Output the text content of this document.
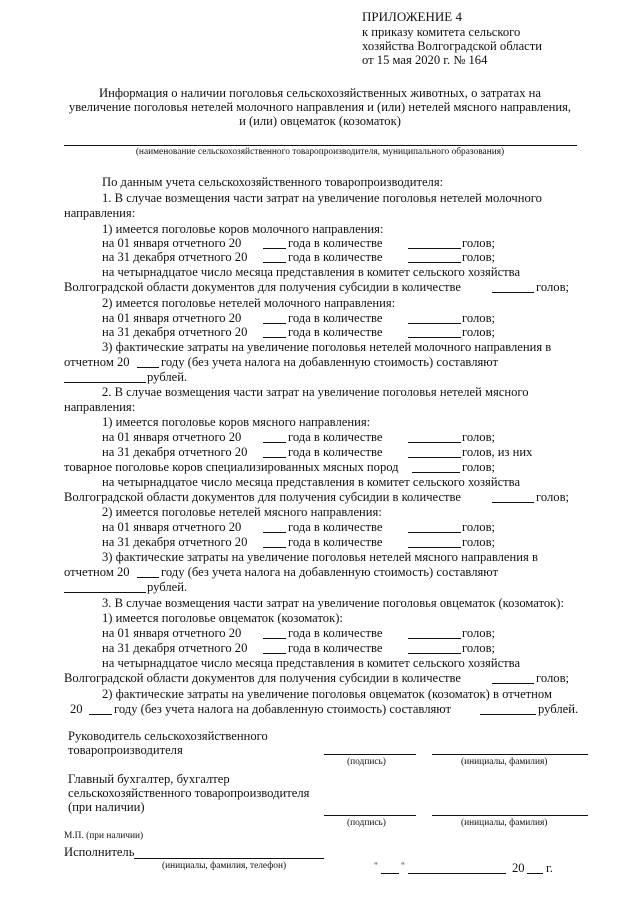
ПРИЛОЖЕНИЕ 4
к приказу комитета сельского
хозяйства Волгоградской области
от 15 мая 2020 г. № 164
Информация о наличии поголовья сельскохозяйственных животных, о затратах на
увеличение поголовья нетелей молочного направления и (или) нетелей мясного направления,
и (или) овцематок (козоматок)
(наименование сельскохозяйственного товаропроизводителя, муниципального образования)
По данным учета сельскохозяйственного товаропроизводителя:
1. В случае возмещения части затрат на увеличение поголовья нетелей молочного
направления:
1) имеется поголовье коров молочного направления:
на 01 января отчетного 20	года в количестве	голов;
на 31 декабря отчетного 20	года в количестве	голов;
на четырнадцатое число месяца представления в комитет сельского хозяйства
Волгоградской области документов для получения субсидии в количестве	голов;
2) имеется поголовье нетелей молочного направления:
на 01 января отчетного 20	года в количестве	голов;
на 31 декабря отчетного 20	года в количестве	голов;
3) фактические затраты на увеличение поголовья нетелей молочного направления в
отчетном 20 году (без учета налога на добавленную стоимость) составляют
рублей.
2. В случае возмещения части затрат на увеличение поголовья нетелей мясного
направления:
1) имеется поголовье коров мясного направления:
на 01 января отчетного 20	года в количестве	голов;
на 31 декабря отчетного 20	года в количестве	голов, из них
товарное поголовье коров специализированных мясных пород	голов;
на четырнадцатое число месяца представления в комитет сельского хозяйства
Волгоградской области документов для получения субсидии в количестве	голов;
2) имеется поголовье нетелей мясного направления:
на 01 января отчетного 20	года в количестве	голов;
на 31 декабря отчетного 20	года в количестве	голов;
3) фактические затраты на увеличение поголовья нетелей мясного направления в
отчетном 20 году (без учета налога на добавленную стоимость) составляют
рублей.
3. В случае возмещения части затрат на увеличение поголовья овцематок (козоматок):
1) имеется поголовье овцематок (козоматок):
на 01 января отчетного 20	года в количестве	голов;
на 31 декабря отчетного 20	года в количестве	голов;
на четырнадцатое число месяца представления в комитет сельского хозяйства
Волгоградской области документов для получения субсидии в количестве	голов;
2) фактические затраты на увеличение поголовья овцематок (козоматок) в отчетном
20 году (без учета налога на добавленную стоимость) составляют	рублей.
Руководитель сельскохозяйственного
товаропроизводителя
(подпись)	(инициалы, фамилия)
Главный бухгалтер, бухгалтер
сельскохозяйственного товаропроизводителя
(при наличии)
(подпись)	(инициалы, фамилия)
М.П. (при наличии)
Исполнитель
(инициалы, фамилия, телефон)	" "	20 г.
